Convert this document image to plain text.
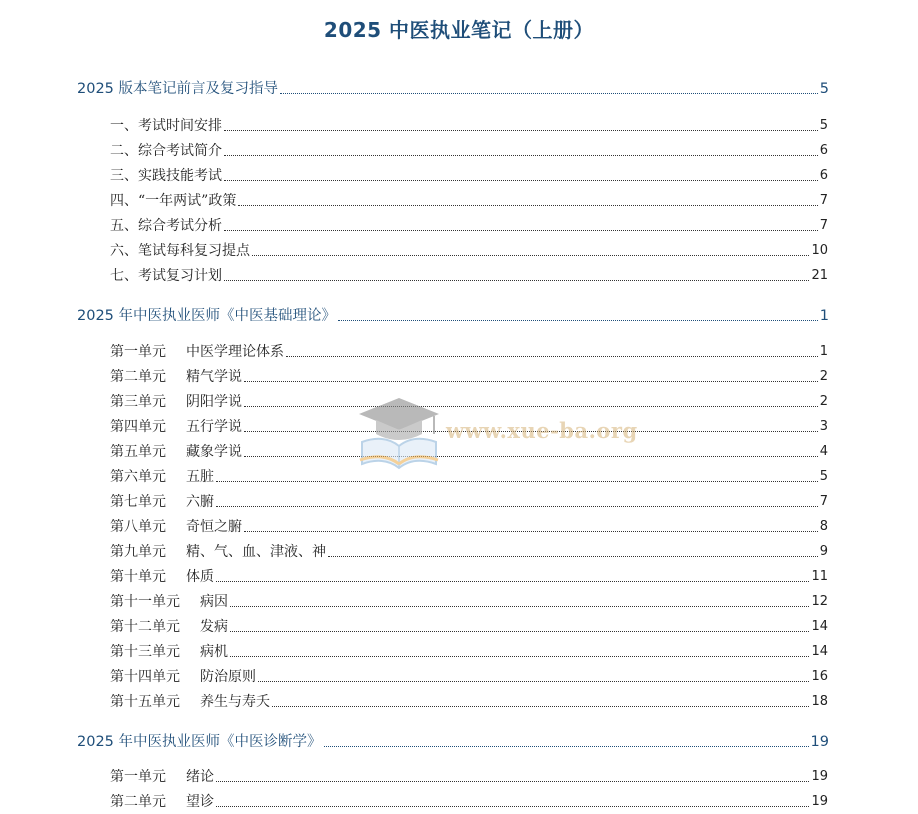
2025 中医执业笔记（上册）
2025 版本笔记前言及复习指导	5
一、考试时间安排	5
二、综合考试简介	6
三、实践技能考试	6
四、“一年两试”政策	7
五、综合考试分析	7
六、笔试每科复习提点	10
七、考试复习计划	21
2025 年中医执业医师《中医基础理论》	1
第一单元 中医学理论体系	1
第二单元 精气学说	2
第三单元 阴阳学说	2
第四单元 五行学说	3
第五单元 藏象学说	4
第六单元 五脏	5
第七单元 六腑	7
第八单元 奇恒之腑	8
第九单元 精、气、血、津液、神	9
第十单元 体质	11
第十一单元 病因	12
第十二单元 发病	14
第十三单元 病机	14
第十四单元 防治原则	16
第十五单元 养生与寿夭	18
2025 年中医执业医师《中医诊断学》	19
第一单元 绪论	19
第二单元 望诊	19
www.xue-ba.org
